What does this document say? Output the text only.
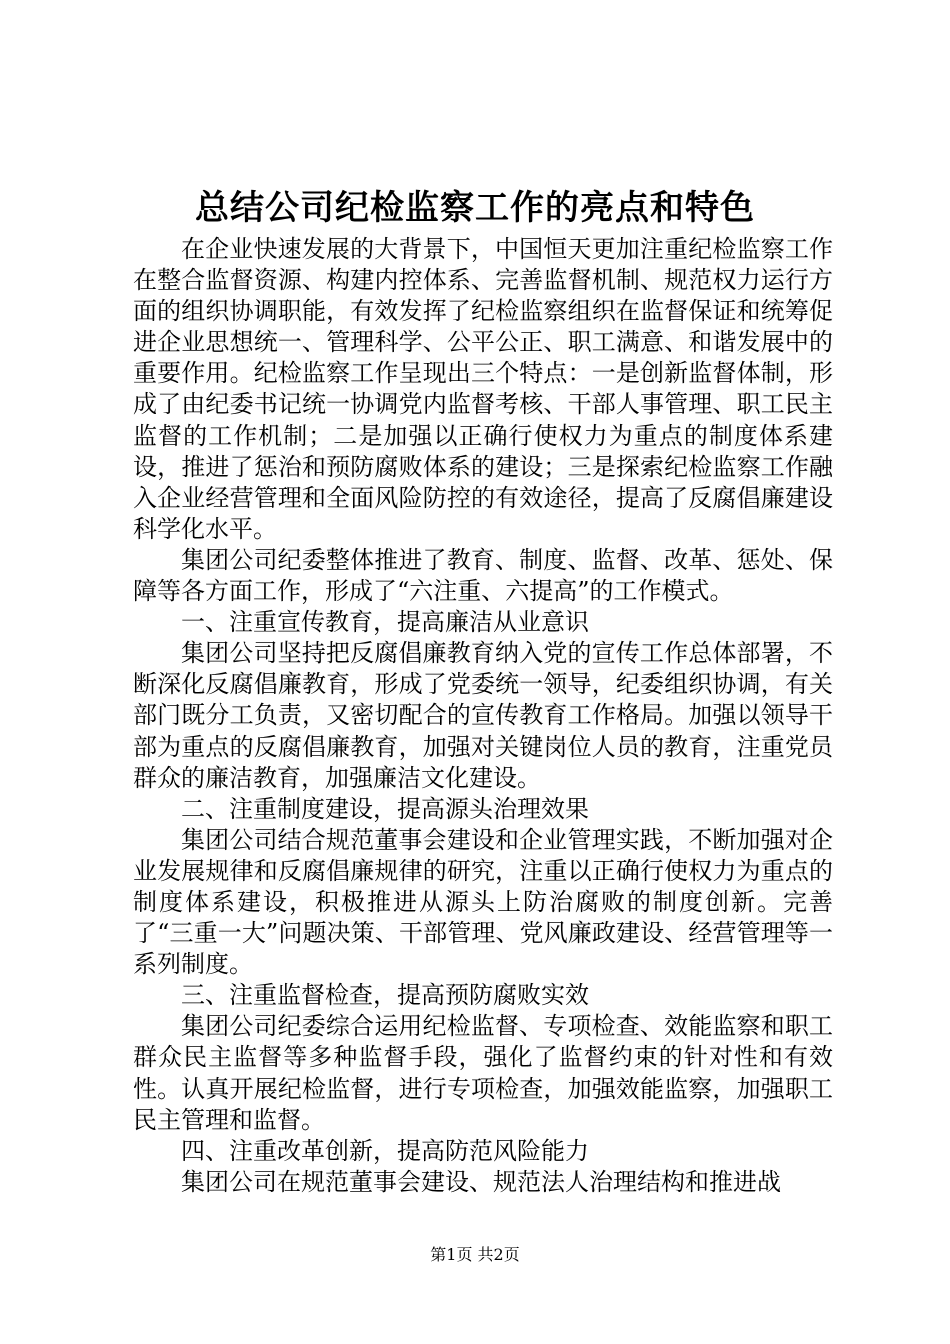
总结公司纪检监察工作的亮点和特色

在企业快速发展的大背景下，中国恒天更加注重纪检监察工作在整合监督资源、构建内控体系、完善监督机制、规范权力运行方面的组织协调职能，有效发挥了纪检监察组织在监督保证和统筹促进企业思想统一、管理科学、公平公正、职工满意、和谐发展中的重要作用。纪检监察工作呈现出三个特点：一是创新监督体制，形成了由纪委书记统一协调党内监督考核、干部人事管理、职工民主监督的工作机制；二是加强以正确行使权力为重点的制度体系建设，推进了惩治和预防腐败体系的建设；三是探索纪检监察工作融入企业经营管理和全面风险防控的有效途径，提高了反腐倡廉建设科学化水平。

集团公司纪委整体推进了教育、制度、监督、改革、惩处、保障等各方面工作，形成了“六注重、六提高”的工作模式。

一、注重宣传教育，提高廉洁从业意识

集团公司坚持把反腐倡廉教育纳入党的宣传工作总体部署，不断深化反腐倡廉教育，形成了党委统一领导，纪委组织协调，有关部门既分工负责，又密切配合的宣传教育工作格局。加强以领导干部为重点的反腐倡廉教育，加强对关键岗位人员的教育，注重党员群众的廉洁教育，加强廉洁文化建设。

二、注重制度建设，提高源头治理效果

集团公司结合规范董事会建设和企业管理实践，不断加强对企业发展规律和反腐倡廉规律的研究，注重以正确行使权力为重点的制度体系建设，积极推进从源头上防治腐败的制度创新。完善了“三重一大”问题决策、干部管理、党风廉政建设、经营管理等一系列制度。

三、注重监督检查，提高预防腐败实效

集团公司纪委综合运用纪检监督、专项检查、效能监察和职工群众民主监督等多种监督手段，强化了监督约束的针对性和有效性。认真开展纪检监督，进行专项检查，加强效能监察，加强职工民主管理和监督。

四、注重改革创新，提高防范风险能力

集团公司在规范董事会建设、规范法人治理结构和推进战

第1页 共2页
